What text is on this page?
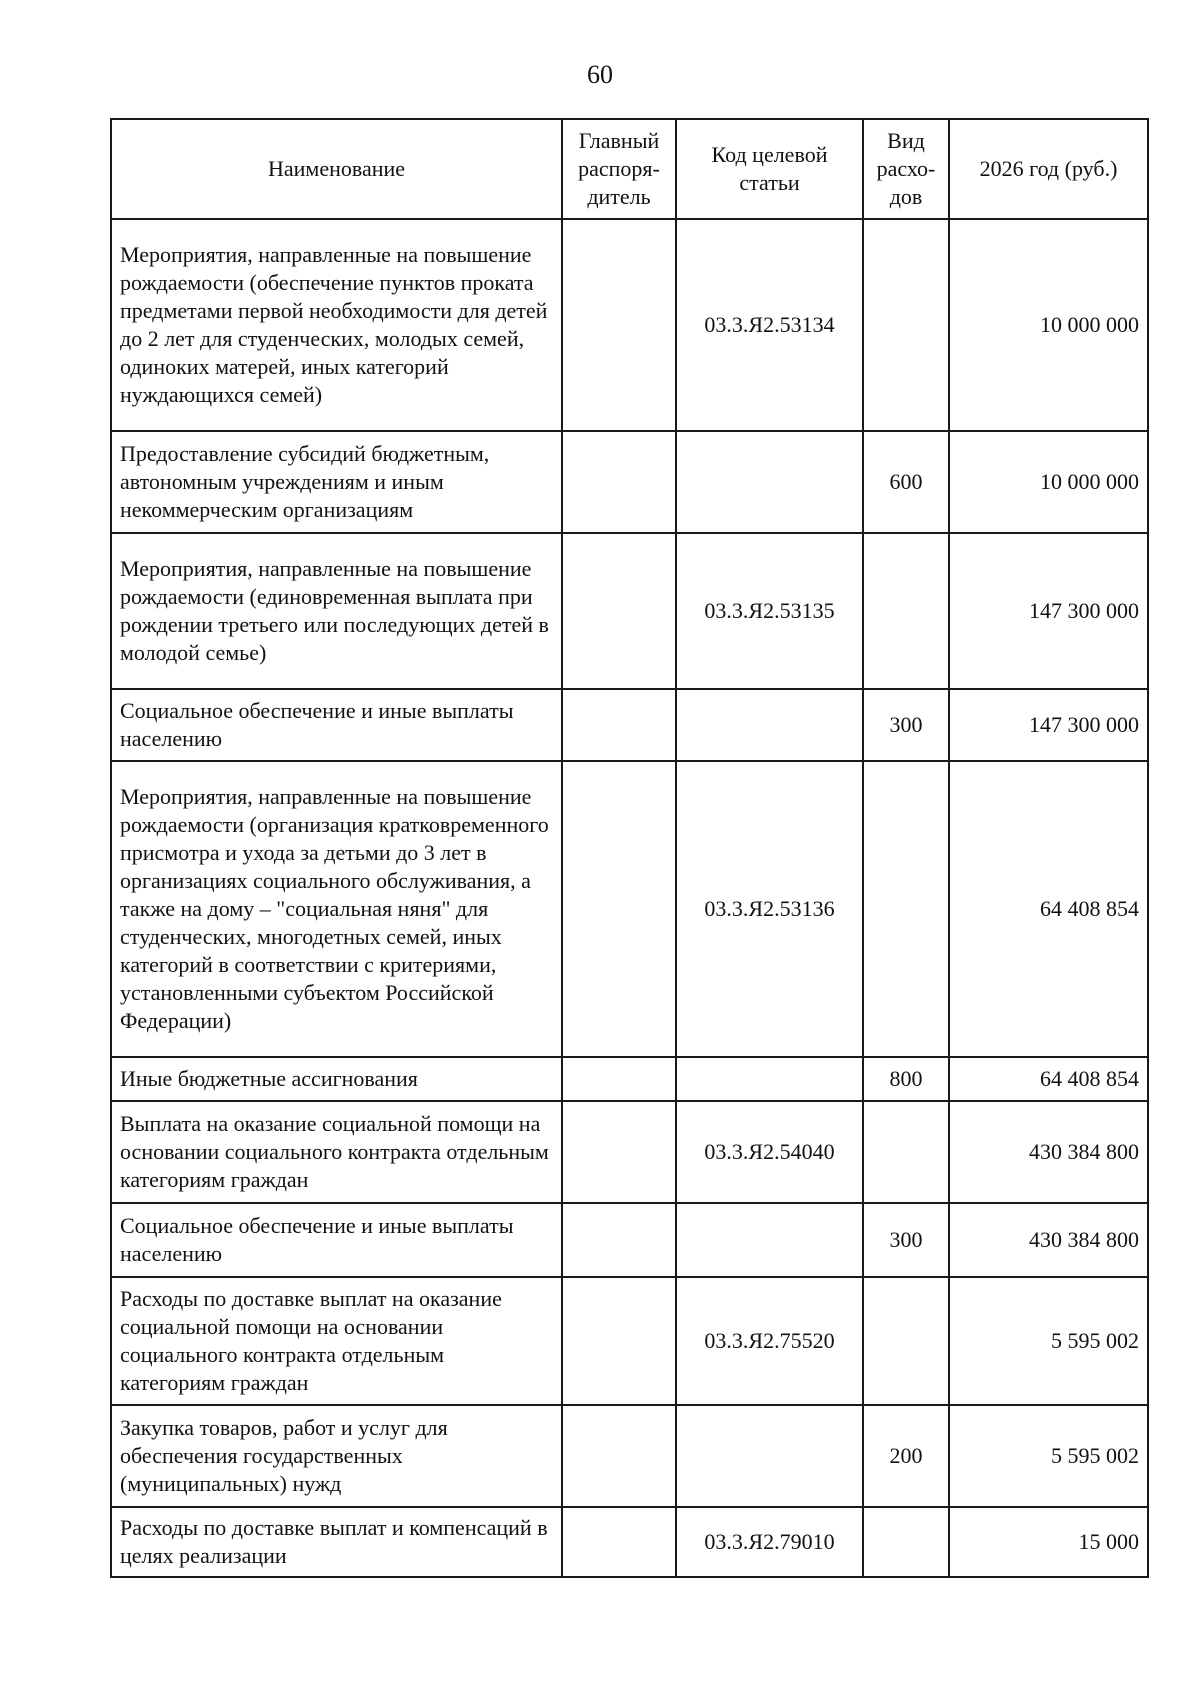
60
Наименование	Главный распоря-дитель	Код целевой статьи	Вид расхо-дов	2026 год (руб.)
Мероприятия, направленные на повышение рождаемости (обеспечение пунктов проката предметами первой необходимости для детей до 2 лет для студенческих, молодых семей, одиноких матерей, иных категорий нуждающихся семей)		03.3.Я2.53134		10 000 000
Предоставление субсидий бюджетным, автономным учреждениям и иным некоммерческим организациям			600	10 000 000
Мероприятия, направленные на повышение рождаемости (единовременная выплата при рождении третьего или последующих детей в молодой семье)		03.3.Я2.53135		147 300 000
Социальное обеспечение и иные выплаты населению			300	147 300 000
Мероприятия, направленные на повышение рождаемости (организация кратковременного присмотра и ухода за детьми до 3 лет в организациях социального обслуживания, а также на дому – "социальная няня" для студенческих, многодетных семей, иных категорий в соответствии с критериями, установленными субъектом Российской Федерации)		03.3.Я2.53136		64 408 854
Иные бюджетные ассигнования			800	64 408 854
Выплата на оказание социальной помощи на основании социального контракта отдельным категориям граждан		03.3.Я2.54040		430 384 800
Социальное обеспечение и иные выплаты населению			300	430 384 800
Расходы по доставке выплат на оказание социальной помощи на основании социального контракта отдельным категориям граждан		03.3.Я2.75520		5 595 002
Закупка товаров, работ и услуг для обеспечения государственных (муниципальных) нужд			200	5 595 002
Расходы по доставке выплат и компенсаций в целях реализации		03.3.Я2.79010		15 000
